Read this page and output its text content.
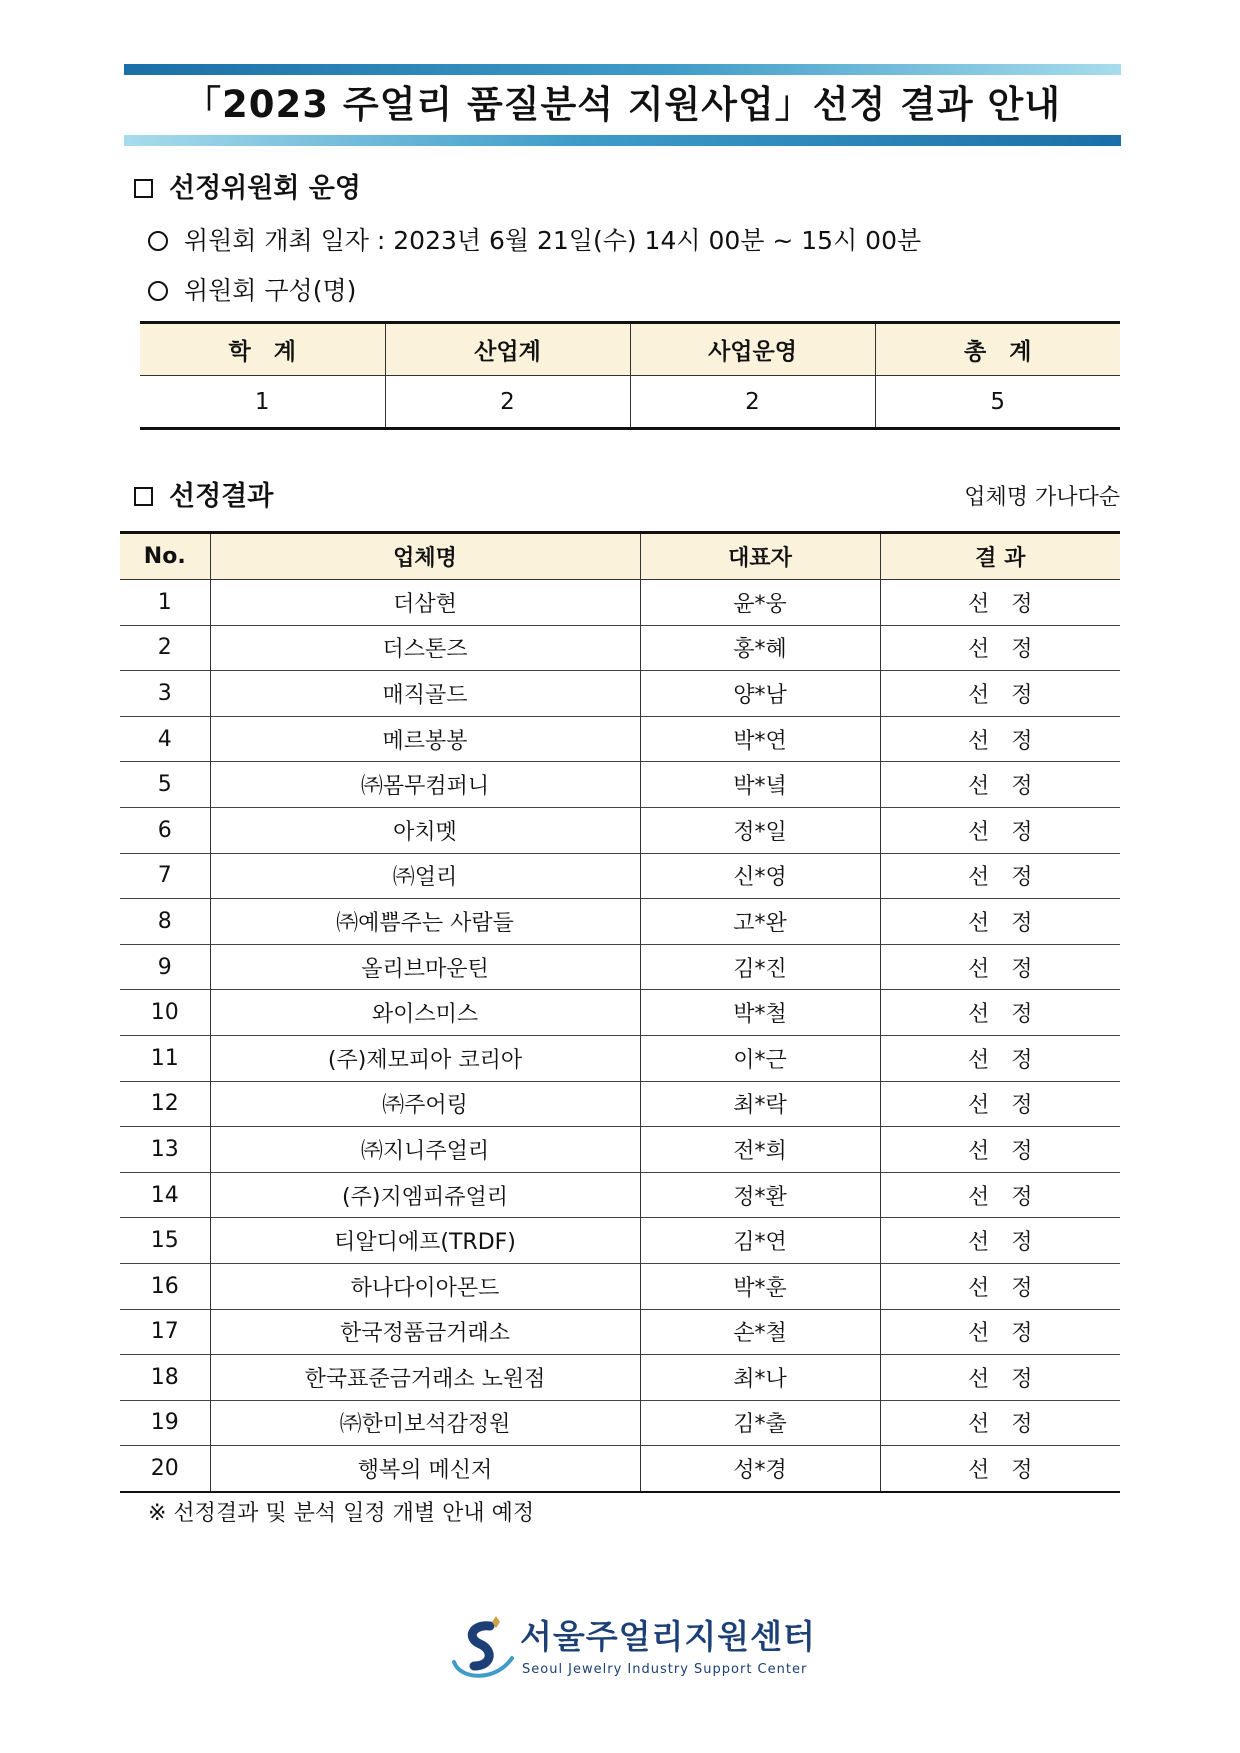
「2023 주얼리 품질분석 지원사업」선정 결과 안내
선정위원회 운영
위원회 개최 일자 : 2023년 6월 21일(수) 14시 00분 ~ 15시 00분
위원회 구성(명)
학　계	산업계	사업운영	총　계
1	2	2	5
선정결과	업체명 가나다순
No.	업체명	대표자	결 과
1	더삼현	윤*웅	선정
2	더스톤즈	홍*혜	선정
3	매직골드	양*남	선정
4	메르봉봉	박*연	선정
5	㈜몸무컴퍼니	박*녘	선정
6	아치멧	정*일	선정
7	㈜얼리	신*영	선정
8	㈜예쁨주는 사람들	고*완	선정
9	올리브마운틴	김*진	선정
10	와이스미스	박*철	선정
11	(주)제모피아 코리아	이*근	선정
12	㈜주어링	최*락	선정
13	㈜지니주얼리	전*희	선정
14	(주)지엠피쥬얼리	정*환	선정
15	티알디에프(TRDF)	김*연	선정
16	하나다이아몬드	박*훈	선정
17	한국정품금거래소	손*철	선정
18	한국표준금거래소 노원점	최*나	선정
19	㈜한미보석감정원	김*출	선정
20	행복의 메신저	성*경	선정
※ 선정결과 및 분석 일정 개별 안내 예정
서울주얼리지원센터
Seoul Jewelry Industry Support Center
